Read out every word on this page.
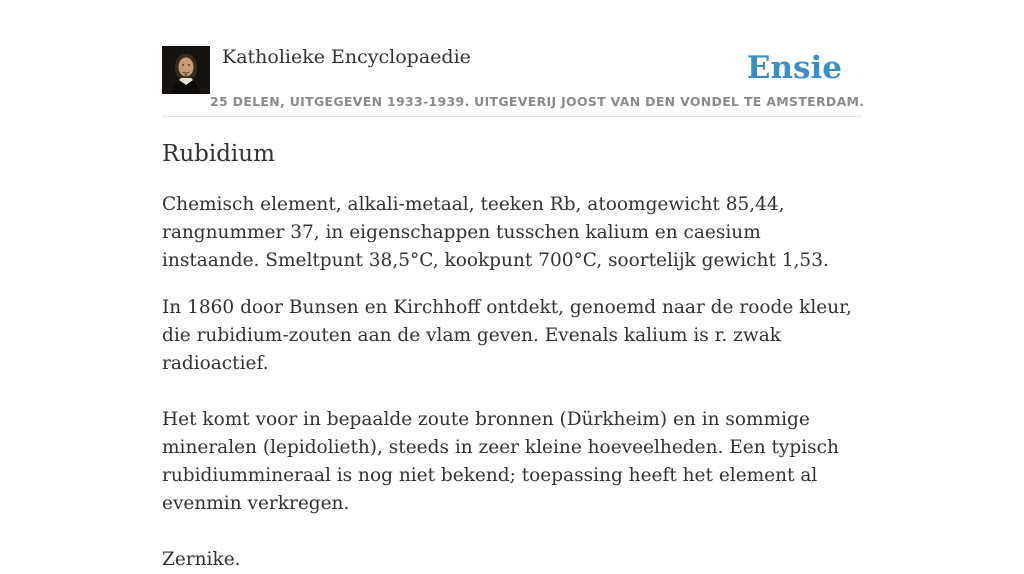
Katholieke Encyclopaedie
25 DELEN, UITGEGEVEN 1933-1939. UITGEVERIJ JOOST VAN DEN VONDEL TE AMSTERDAM.
Ensie
Rubidium

Chemisch element, alkali-metaal, teeken Rb, atoomgewicht 85,44, rangnummer 37, in eigenschappen tusschen kalium en caesium instaande. Smeltpunt 38,5°C, kookpunt 700°C, soortelijk gewicht 1,53.

In 1860 door Bunsen en Kirchhoff ontdekt, genoemd naar de roode kleur, die rubidium-zouten aan de vlam geven. Evenals kalium is r. zwak radioactief.

Het komt voor in bepaalde zoute bronnen (Dürkheim) en in sommige mineralen (lepidolieth), steeds in zeer kleine hoeveelheden. Een typisch rubidiummineraal is nog niet bekend; toepassing heeft het element al evenmin verkregen.

Zernike.
